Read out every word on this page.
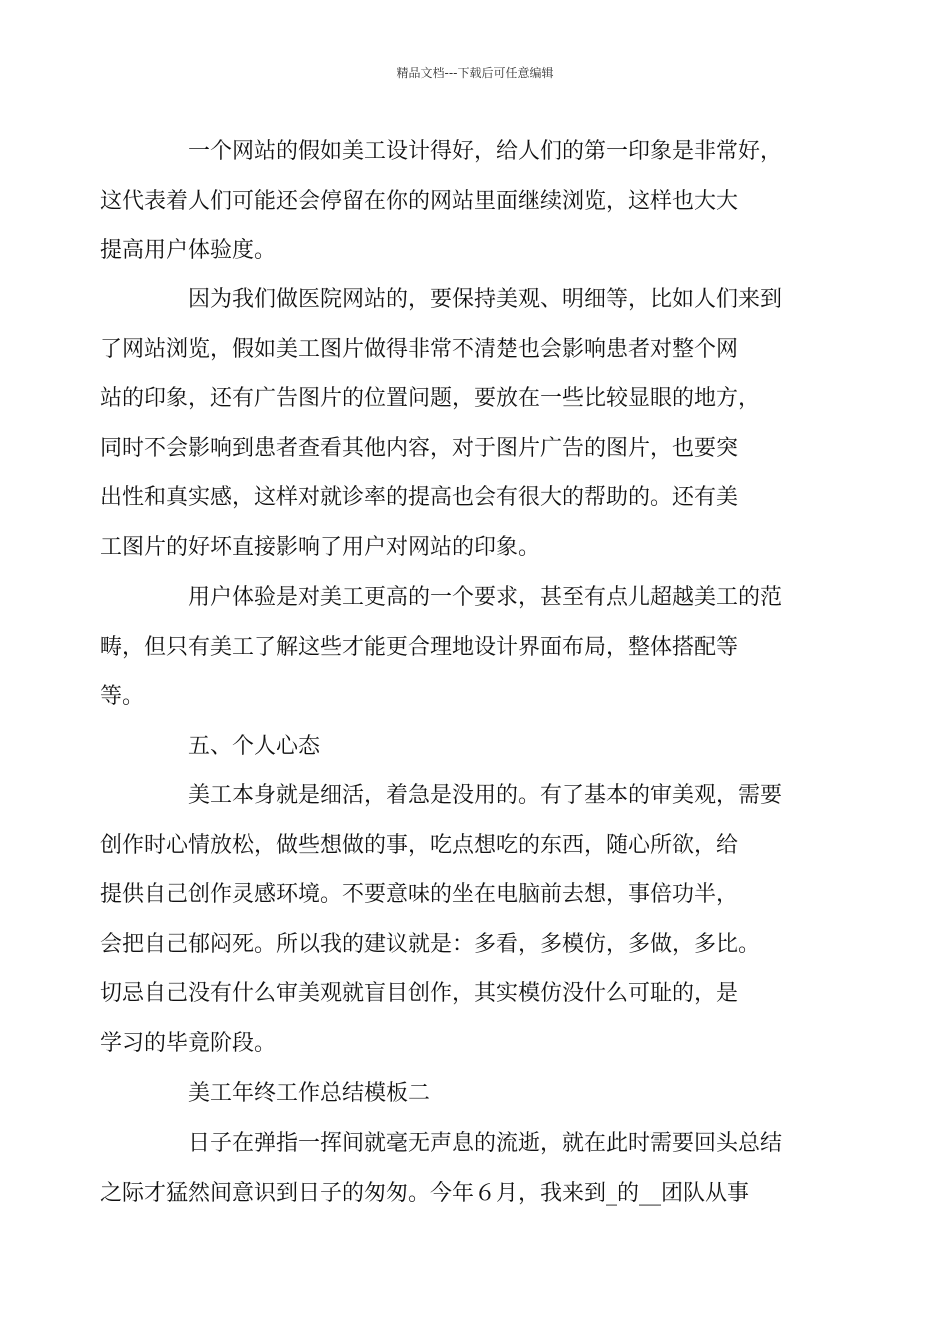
精品文档---下载后可任意编辑
一个网站的假如美工设计得好，给人们的第一印象是非常好，
这代表着人们可能还会停留在你的网站里面继续浏览，这样也大大
提高用户体验度。
因为我们做医院网站的，要保持美观、明细等，比如人们来到
了网站浏览，假如美工图片做得非常不清楚也会影响患者对整个网
站的印象，还有广告图片的位置问题，要放在一些比较显眼的地方，
同时不会影响到患者查看其他内容，对于图片广告的图片，也要突
出性和真实感，这样对就诊率的提高也会有很大的帮助的。还有美
工图片的好坏直接影响了用户对网站的印象。
用户体验是对美工更高的一个要求，甚至有点儿超越美工的范
畴，但只有美工了解这些才能更合理地设计界面布局，整体搭配等
等。
五、个人心态
美工本身就是细活，着急是没用的。有了基本的审美观，需要
创作时心情放松，做些想做的事，吃点想吃的东西，随心所欲，给
提供自己创作灵感环境。不要意味的坐在电脑前去想，事倍功半，
会把自己郁闷死。所以我的建议就是：多看，多模仿，多做，多比。
切忌自己没有什么审美观就盲目创作，其实模仿没什么可耻的，是
学习的毕竟阶段。
美工年终工作总结模板二
日子在弹指一挥间就毫无声息的流逝，就在此时需要回头总结
之际才猛然间意识到日子的匆匆。今年６月，我来到_的__团队从事
